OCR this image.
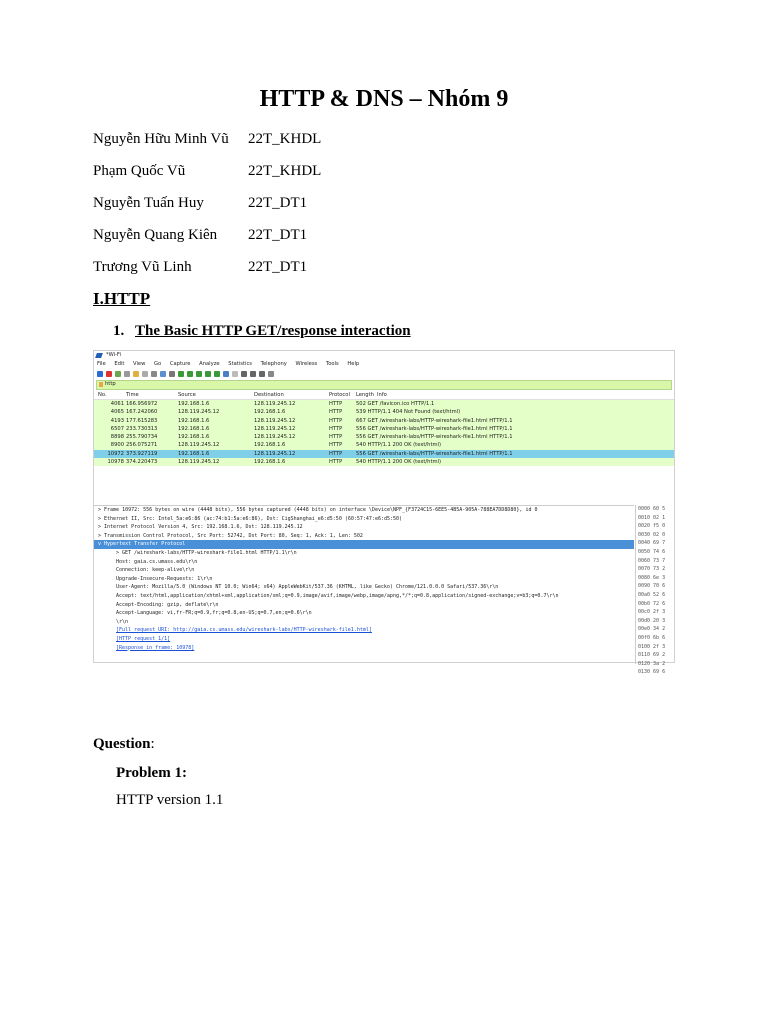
HTTP & DNS – Nhóm 9
Nguyễn Hữu Minh Vũ 22T_KHDL
Phạm Quốc Vũ	22T_KHDL
Nguyễn Tuấn Huy	22T_DT1
Nguyễn Quang Kiên 22T_DT1
Trương Vũ Linh	22T_DT1
I.HTTP
1. The Basic HTTP GET/response interaction
*Wi-Fi
File Edit View Go Capture Analyze Statistics Telephony Wireless Tools Help
http
No.	Time	Source	Destination	Protocol Length Info
4061 166.956972	192.168.1.6	128.119.245.12	HTTP	502 GET /favicon.ico HTTP/1.1
4065 167.242060	128.119.245.12	192.168.1.6	HTTP	539 HTTP/1.1 404 Not Found (text/html)
4193 177.615283	192.168.1.6	128.119.245.12	HTTP	667 GET /wireshark-labs/HTTP-wireshark-file1.html HTTP/1.1
6507 233.730313	192.168.1.6	128.119.245.12	HTTP	556 GET /wireshark-labs/HTTP-wireshark-file1.html HTTP/1.1
8898 255.790734	192.168.1.6	128.119.245.12	HTTP	556 GET /wireshark-labs/HTTP-wireshark-file1.html HTTP/1.1
8900 256.075271	128.119.245.12	192.168.1.6	HTTP	540 HTTP/1.1 200 OK (text/html)
10972 373.927119	192.168.1.6	128.119.245.12	HTTP	556 GET /wireshark-labs/HTTP-wireshark-file1.html HTTP/1.1
10978 374.220473	128.119.245.12	192.168.1.6	HTTP	540 HTTP/1.1 200 OK (text/html)
> Frame 10972: 556 bytes on wire (4448 bits), 556 bytes captured (4448 bits) on interface \Device\NPF_{F3724C15-6EE5-4B5A-905A-788EA7DD8D80}, id 0
> Ethernet II, Src: Intel_5a:e6:86 (ac:74:b1:5a:e6:86), Dst: CigShanghai_e6:d5:50 (60:57:47:e6:d5:50)
> Internet Protocol Version 4, Src: 192.168.1.6, Dst: 128.119.245.12
> Transmission Control Protocol, Src Port: 52742, Dst Port: 80, Seq: 1, Ack: 1, Len: 502
v Hypertext Transfer Protocol
> GET /wireshark-labs/HTTP-wireshark-file1.html HTTP/1.1\r\n
Host: gaia.cs.umass.edu\r\n
Connection: keep-alive\r\n
Upgrade-Insecure-Requests: 1\r\n
User-Agent: Mozilla/5.0 (Windows NT 10.0; Win64; x64) AppleWebKit/537.36 (KHTML, like Gecko) Chrome/121.0.0.0 Safari/537.36\r\n
Accept: text/html,application/xhtml+xml,application/xml;q=0.9,image/avif,image/webp,image/apng,*/*;q=0.8,application/signed-exchange;v=b3;q=0.7\r\n
Accept-Encoding: gzip, deflate\r\n
Accept-Language: vi,fr-FR;q=0.9,fr;q=0.8,en-US;q=0.7,en;q=0.6\r\n
\r\n
[Full request URI: http://gaia.cs.umass.edu/wireshark-labs/HTTP-wireshark-file1.html]
[HTTP request 1/1]
[Response in frame: 10978]
0000 60 5
0010 02 1
0020 f5 0
0030 02 0
0040 69 7
0050 74 6
0060 73 7
0070 73 2
0080 6e 3
0090 70 6
00a0 52 6
00b0 72 6
00c0 2f 3
00d0 20 3
00e0 34 2
00f0 6b 6
0100 2f 3
0110 69 2
0120 3a 2
0130 69 6
Question:
Problem 1:
HTTP version 1.1
